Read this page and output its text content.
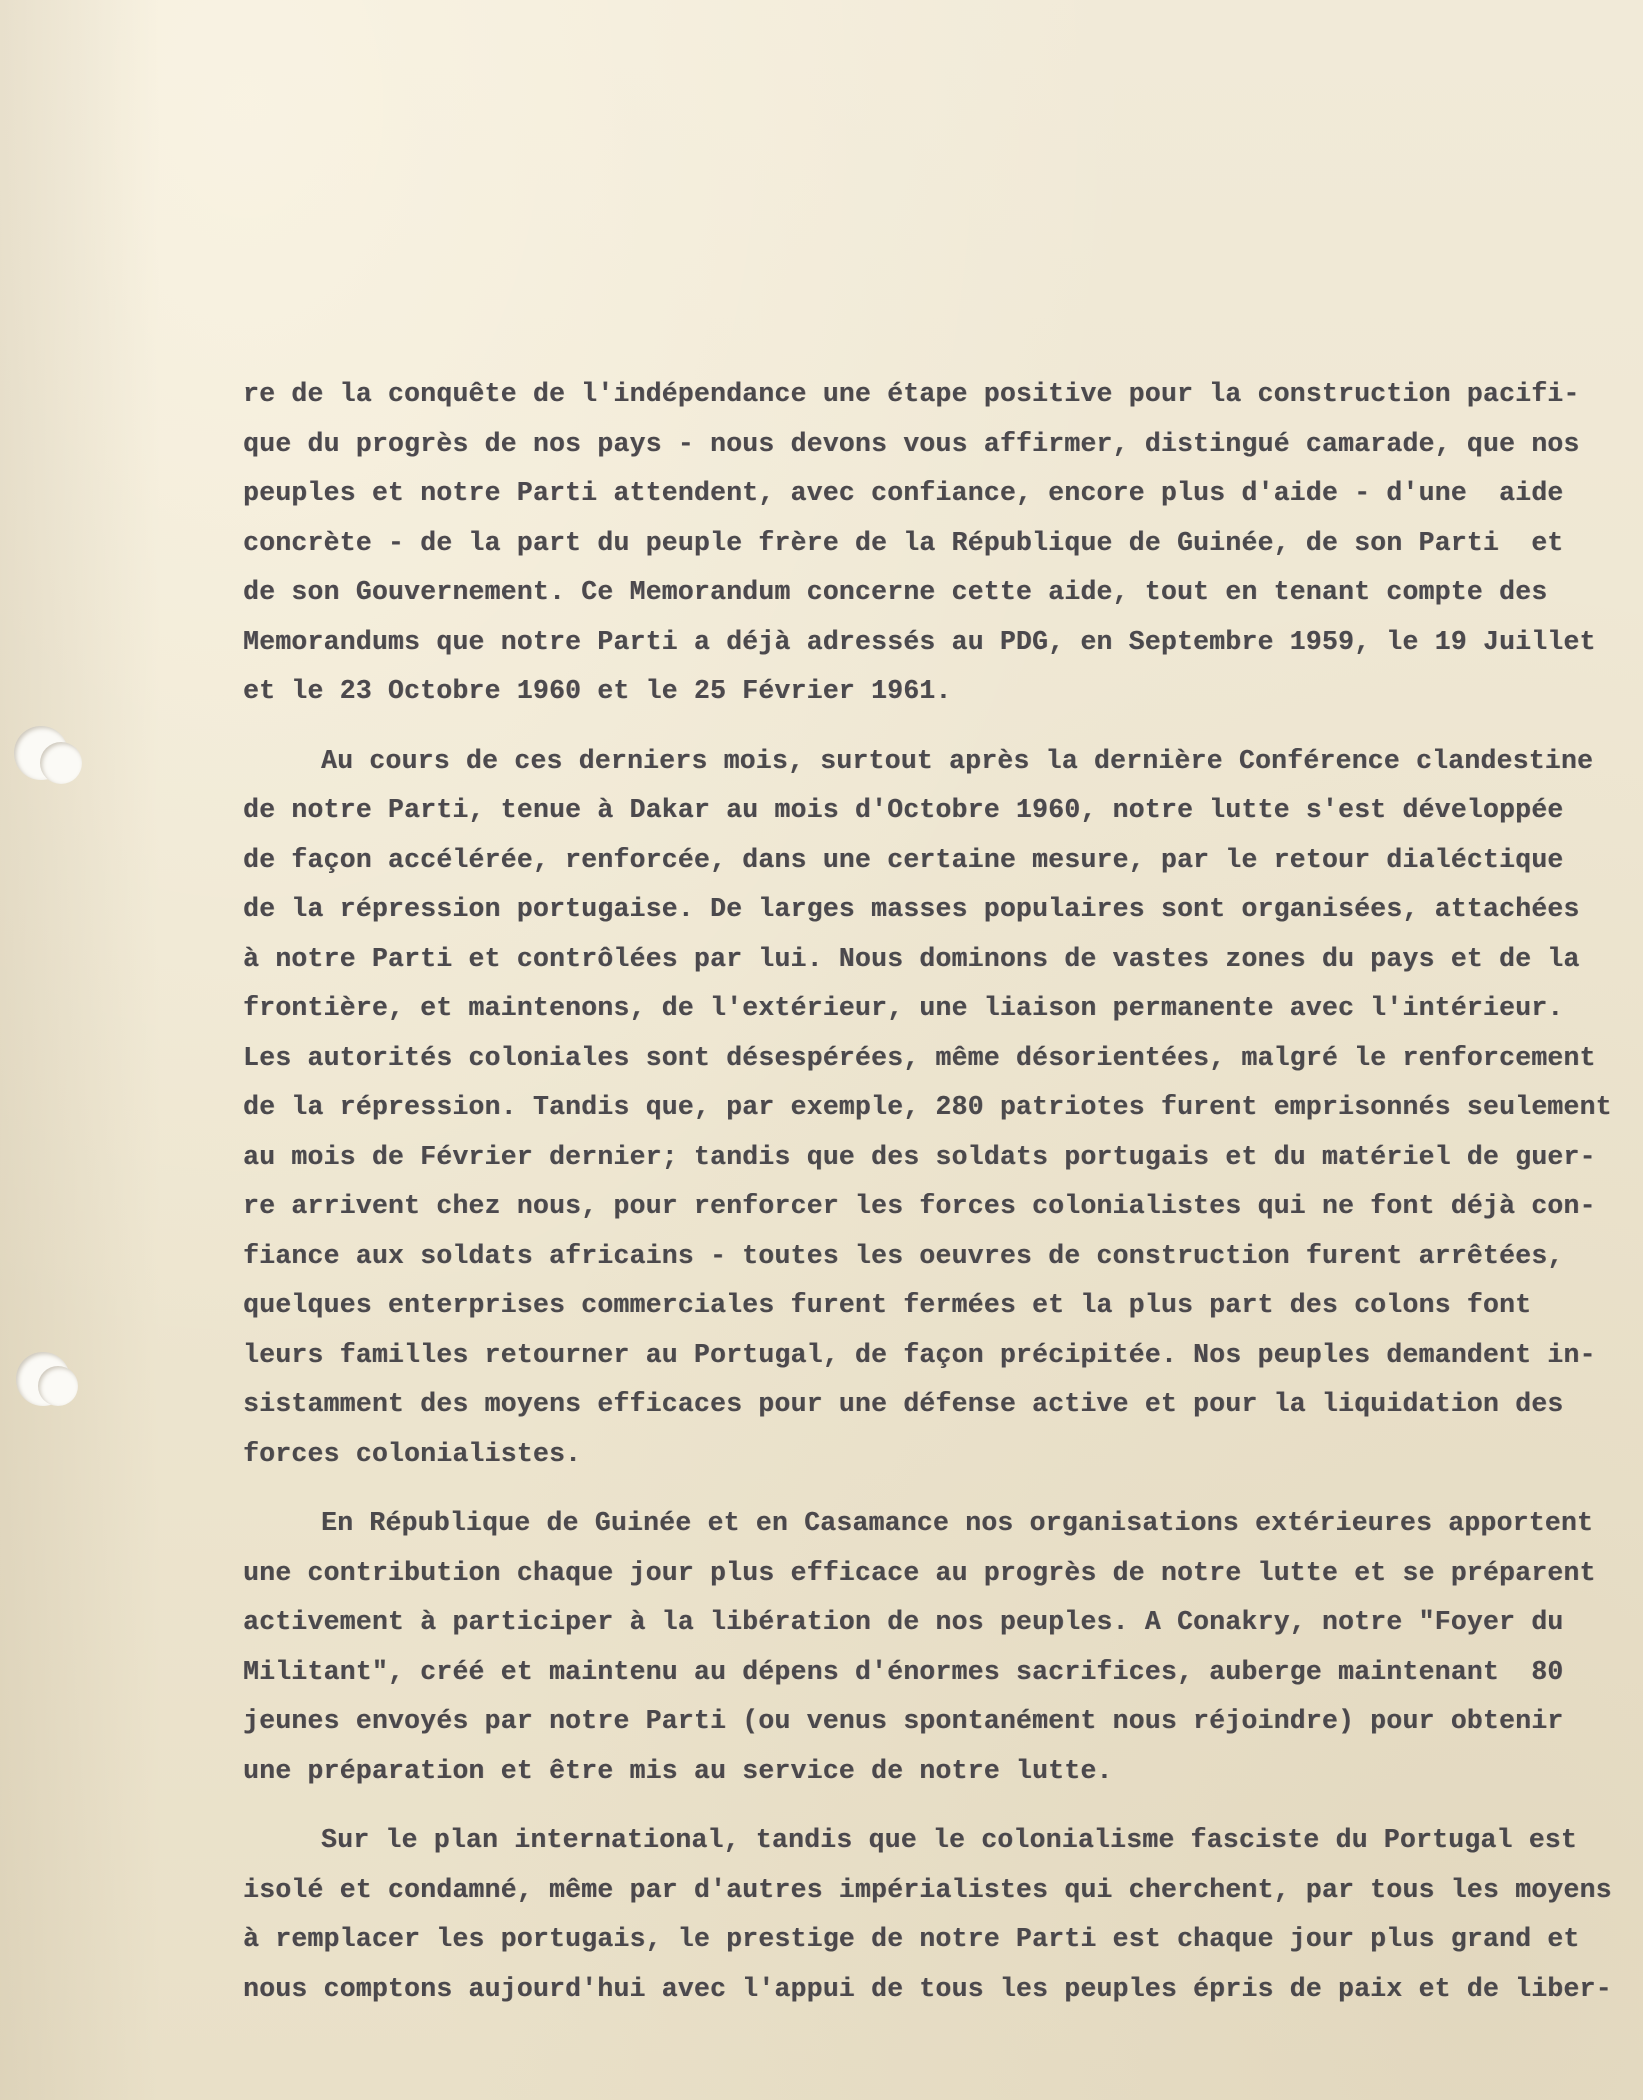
re de la conquête de l'indépendance une étape positive pour la construction pacifi-
que du progrès de nos pays - nous devons vous affirmer, distingué camarade, que nos
peuples et notre Parti attendent, avec confiance, encore plus d'aide - d'une  aide
concrète - de la part du peuple frère de la République de Guinée, de son Parti  et
de son Gouvernement. Ce Memorandum concerne cette aide, tout en tenant compte des
Memorandums que notre Parti a déjà adressés au PDG, en Septembre 1959, le 19 Juillet
et le 23 Octobre 1960 et le 25 Février 1961.
Au cours de ces derniers mois, surtout après la dernière Conférence clandestine
de notre Parti, tenue à Dakar au mois d'Octobre 1960, notre lutte s'est développée
de façon accélérée, renforcée, dans une certaine mesure, par le retour dialéctique
de la répression portugaise. De larges masses populaires sont organisées, attachées
à notre Parti et contrôlées par lui. Nous dominons de vastes zones du pays et de la
frontière, et maintenons, de l'extérieur, une liaison permanente avec l'intérieur.
Les autorités coloniales sont désespérées, même désorientées, malgré le renforcement
de la répression. Tandis que, par exemple, 280 patriotes furent emprisonnés seulement
au mois de Février dernier; tandis que des soldats portugais et du matériel de guer-
re arrivent chez nous, pour renforcer les forces colonialistes qui ne font déjà con-
fiance aux soldats africains - toutes les oeuvres de construction furent arrêtées,
quelques enterprises commerciales furent fermées et la plus part des colons font
leurs familles retourner au Portugal, de façon précipitée. Nos peuples demandent in-
sistamment des moyens efficaces pour une défense active et pour la liquidation des
forces colonialistes.
En République de Guinée et en Casamance nos organisations extérieures apportent
une contribution chaque jour plus efficace au progrès de notre lutte et se préparent
activement à participer à la libération de nos peuples. A Conakry, notre "Foyer du
Militant", créé et maintenu au dépens d'énormes sacrifices, auberge maintenant  80
jeunes envoyés par notre Parti (ou venus spontanément nous réjoindre) pour obtenir
une préparation et être mis au service de notre lutte.
Sur le plan international, tandis que le colonialisme fasciste du Portugal est
isolé et condamné, même par d'autres impérialistes qui cherchent, par tous les moyens
à remplacer les portugais, le prestige de notre Parti est chaque jour plus grand et
nous comptons aujourd'hui avec l'appui de tous les peuples épris de paix et de liber-
